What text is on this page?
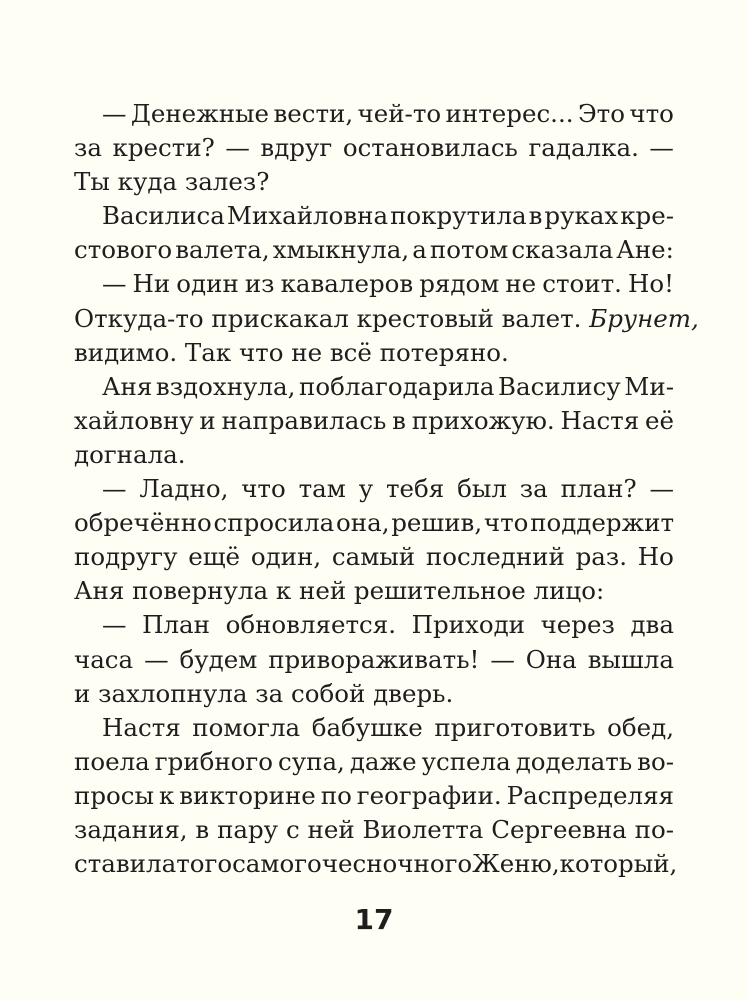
— Денежные вести, чей-то интерес... Это что
за крести? — вдруг остановилась гадалка. —
Ты куда залез?
Василиса Михайловна покрутила в руках кре-
стового валета, хмыкнула, а потом сказала Ане:
— Ни один из кавалеров рядом не стоит. Но!
Откуда-то прискакал крестовый валет.
Брунет,
видимо. Так что не всё потеряно.
Аня вздохнула, поблагодарила Василису Ми-
хайловну и направилась в прихожую. Настя её
догнала.
— Ладно, что там у тебя был за план? —
обречённо спросила она, решив, что поддержит
подругу ещё один, самый последний раз. Но
Аня повернула к ней решительное лицо:
— План обновляется. Приходи через два
часа — будем привораживать! — Она вышла
и захлопнула за собой дверь.
Настя помогла бабушке приготовить обед,
поела грибного супа, даже успела доделать во-
просы к викторине по географии. Распределяя
задания, в пару с ней Виолетта Сергеевна по-
ставила того самого чесночного Женю, который,
17
